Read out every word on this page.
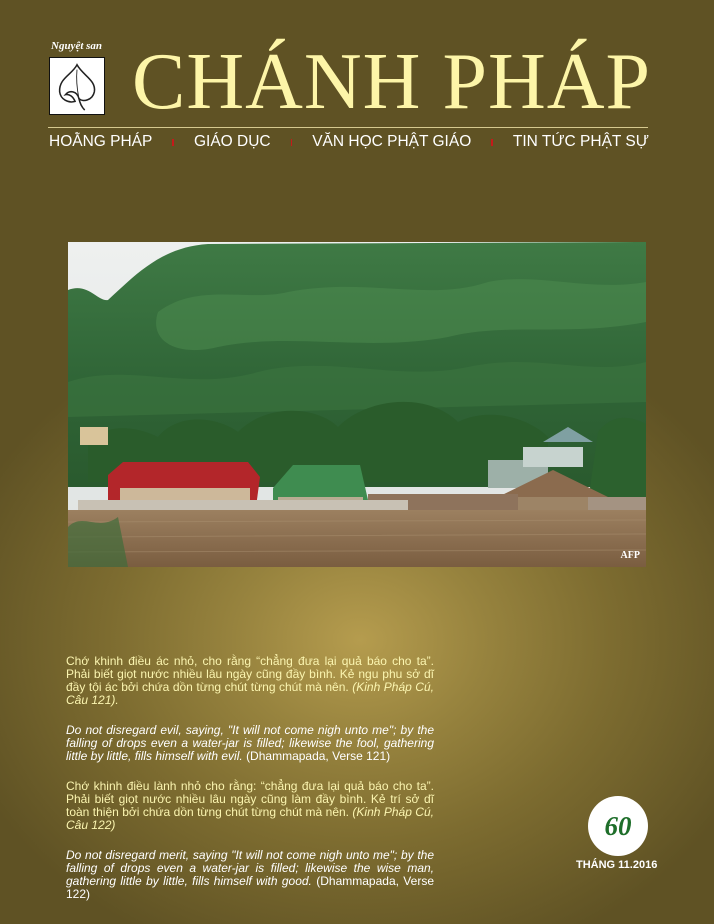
Nguyệt san CHÁNH PHÁP
HOẰNG PHÁP	GIÁO DỤC	VĂN HỌC PHẬT GIÁO	TIN TỨC PHẬT SỰ
AFP

Chớ khinh điều ác nhỏ, cho rằng “chẳng đưa lại quả báo cho ta”. Phải biết giọt nước nhiều lâu ngày cũng đầy bình. Kẻ ngu phu sở dĩ đầy tội ác bởi chứa dồn từng chút từng chút mà nên. (Kinh Pháp Cú, Câu 121).

Do not disregard evil, saying, "It will not come nigh unto me"; by the falling of drops even a water-jar is filled; likewise the fool, gathering little by little, fills himself with evil. (Dhammapada, Verse 121)

Chớ khinh điều lành nhỏ cho rằng: “chẳng đưa lại quả báo cho ta”. Phải biết giọt nước nhiều lâu ngày cũng làm đầy bình. Kẻ trí sở dĩ toàn thiện bởi chứa dồn từng chút từng chút mà nên. (Kinh Pháp Cú, Câu 122)

Do not disregard merit, saying "It will not come nigh unto me"; by the falling of drops even a water-jar is filled; likewise the wise man, gathering little by little, fills himself with good. (Dhammapada, Verse 122)

60
THÁNG 11.2016
